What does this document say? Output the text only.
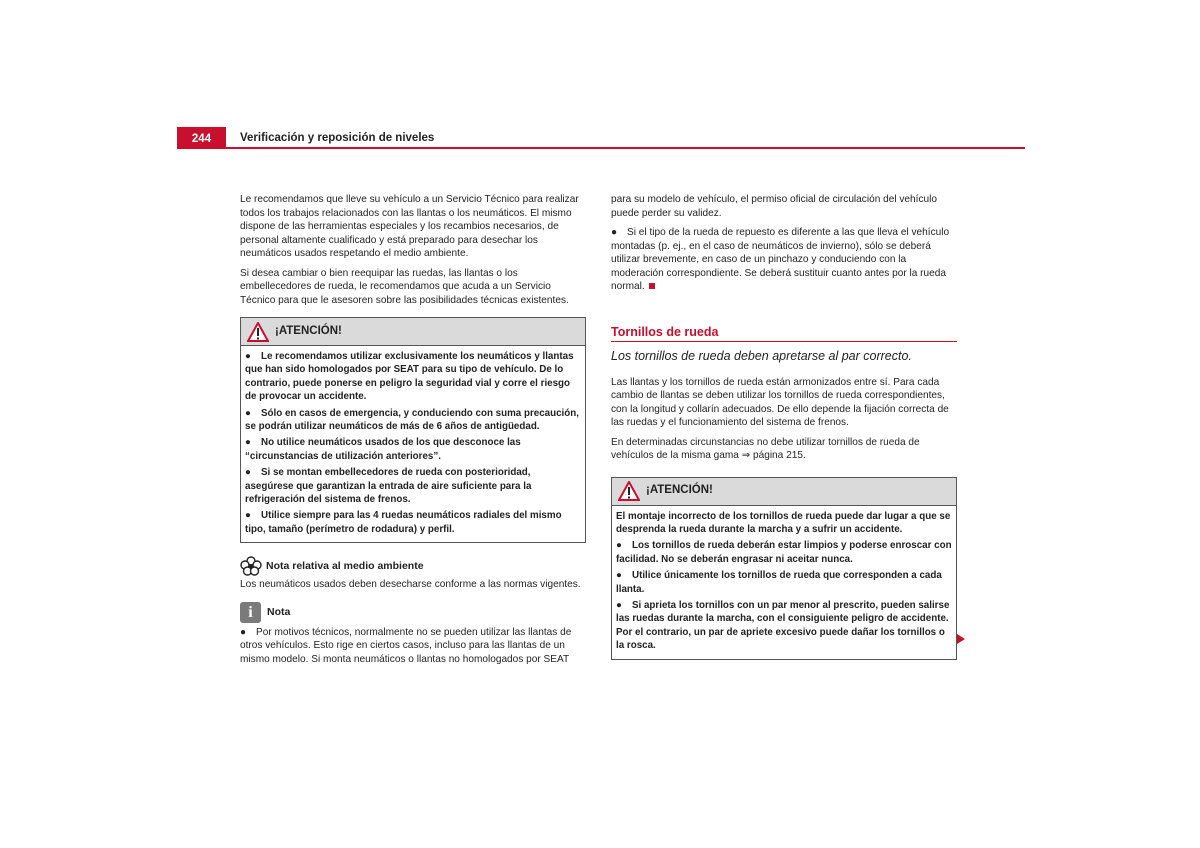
244	Verificación y reposición de niveles

Le recomendamos que lleve su vehículo a un Servicio Técnico para realizar todos los trabajos relacionados con las llantas o los neumáticos. El mismo dispone de las herramientas especiales y los recambios necesarios, de personal altamente cualificado y está preparado para desechar los neumáticos usados respetando el medio ambiente.

Si desea cambiar o bien reequipar las ruedas, las llantas o los embellecedores de rueda, le recomendamos que acuda a un Servicio Técnico para que le asesoren sobre las posibilidades técnicas existentes.

¡ATENCIÓN!

● Le recomendamos utilizar exclusivamente los neumáticos y llantas que han sido homologados por SEAT para su tipo de vehículo. De lo contrario, puede ponerse en peligro la seguridad vial y corre el riesgo de provocar un accidente.

● Sólo en casos de emergencia, y conduciendo con suma precaución, se podrán utilizar neumáticos de más de 6 años de antigüedad.

● No utilice neumáticos usados de los que desconoce las “circunstancias de utilización anteriores”.

● Si se montan embellecedores de rueda con posterioridad, asegúrese que garantizan la entrada de aire suficiente para la refrigeración del sistema de frenos.

● Utilice siempre para las 4 ruedas neumáticos radiales del mismo tipo, tamaño (perímetro de rodadura) y perfil.

Nota relativa al medio ambiente

Los neumáticos usados deben desecharse conforme a las normas vigentes.

i	Nota

● Por motivos técnicos, normalmente no se pueden utilizar las llantas de otros vehículos. Esto rige en ciertos casos, incluso para las llantas de un mismo modelo. Si monta neumáticos o llantas no homologados por SEAT

para su modelo de vehículo, el permiso oficial de circulación del vehículo puede perder su validez.

● Si el tipo de la rueda de repuesto es diferente a las que lleva el vehículo montadas (p. ej., en el caso de neumáticos de invierno), sólo se deberá utilizar brevemente, en caso de un pinchazo y conduciendo con la moderación correspondiente. Se deberá sustituir cuanto antes por la rueda normal.

Tornillos de rueda
Los tornillos de rueda deben apretarse al par correcto.

Las llantas y los tornillos de rueda están armonizados entre sí. Para cada cambio de llantas se deben utilizar los tornillos de rueda correspondientes, con la longitud y collarín adecuados. De ello depende la fijación correcta de las ruedas y el funcionamiento del sistema de frenos.

En determinadas circunstancias no debe utilizar tornillos de rueda de vehículos de la misma gama ⇒ página 215.

¡ATENCIÓN!

El montaje incorrecto de los tornillos de rueda puede dar lugar a que se desprenda la rueda durante la marcha y a sufrir un accidente.

● Los tornillos de rueda deberán estar limpios y poderse enroscar con facilidad. No se deberán engrasar ni aceitar nunca.

● Utilice únicamente los tornillos de rueda que corresponden a cada llanta.

● Si aprieta los tornillos con un par menor al prescrito, pueden salirse las ruedas durante la marcha, con el consiguiente peligro de accidente. Por el contrario, un par de apriete excesivo puede dañar los tornillos o la rosca.
